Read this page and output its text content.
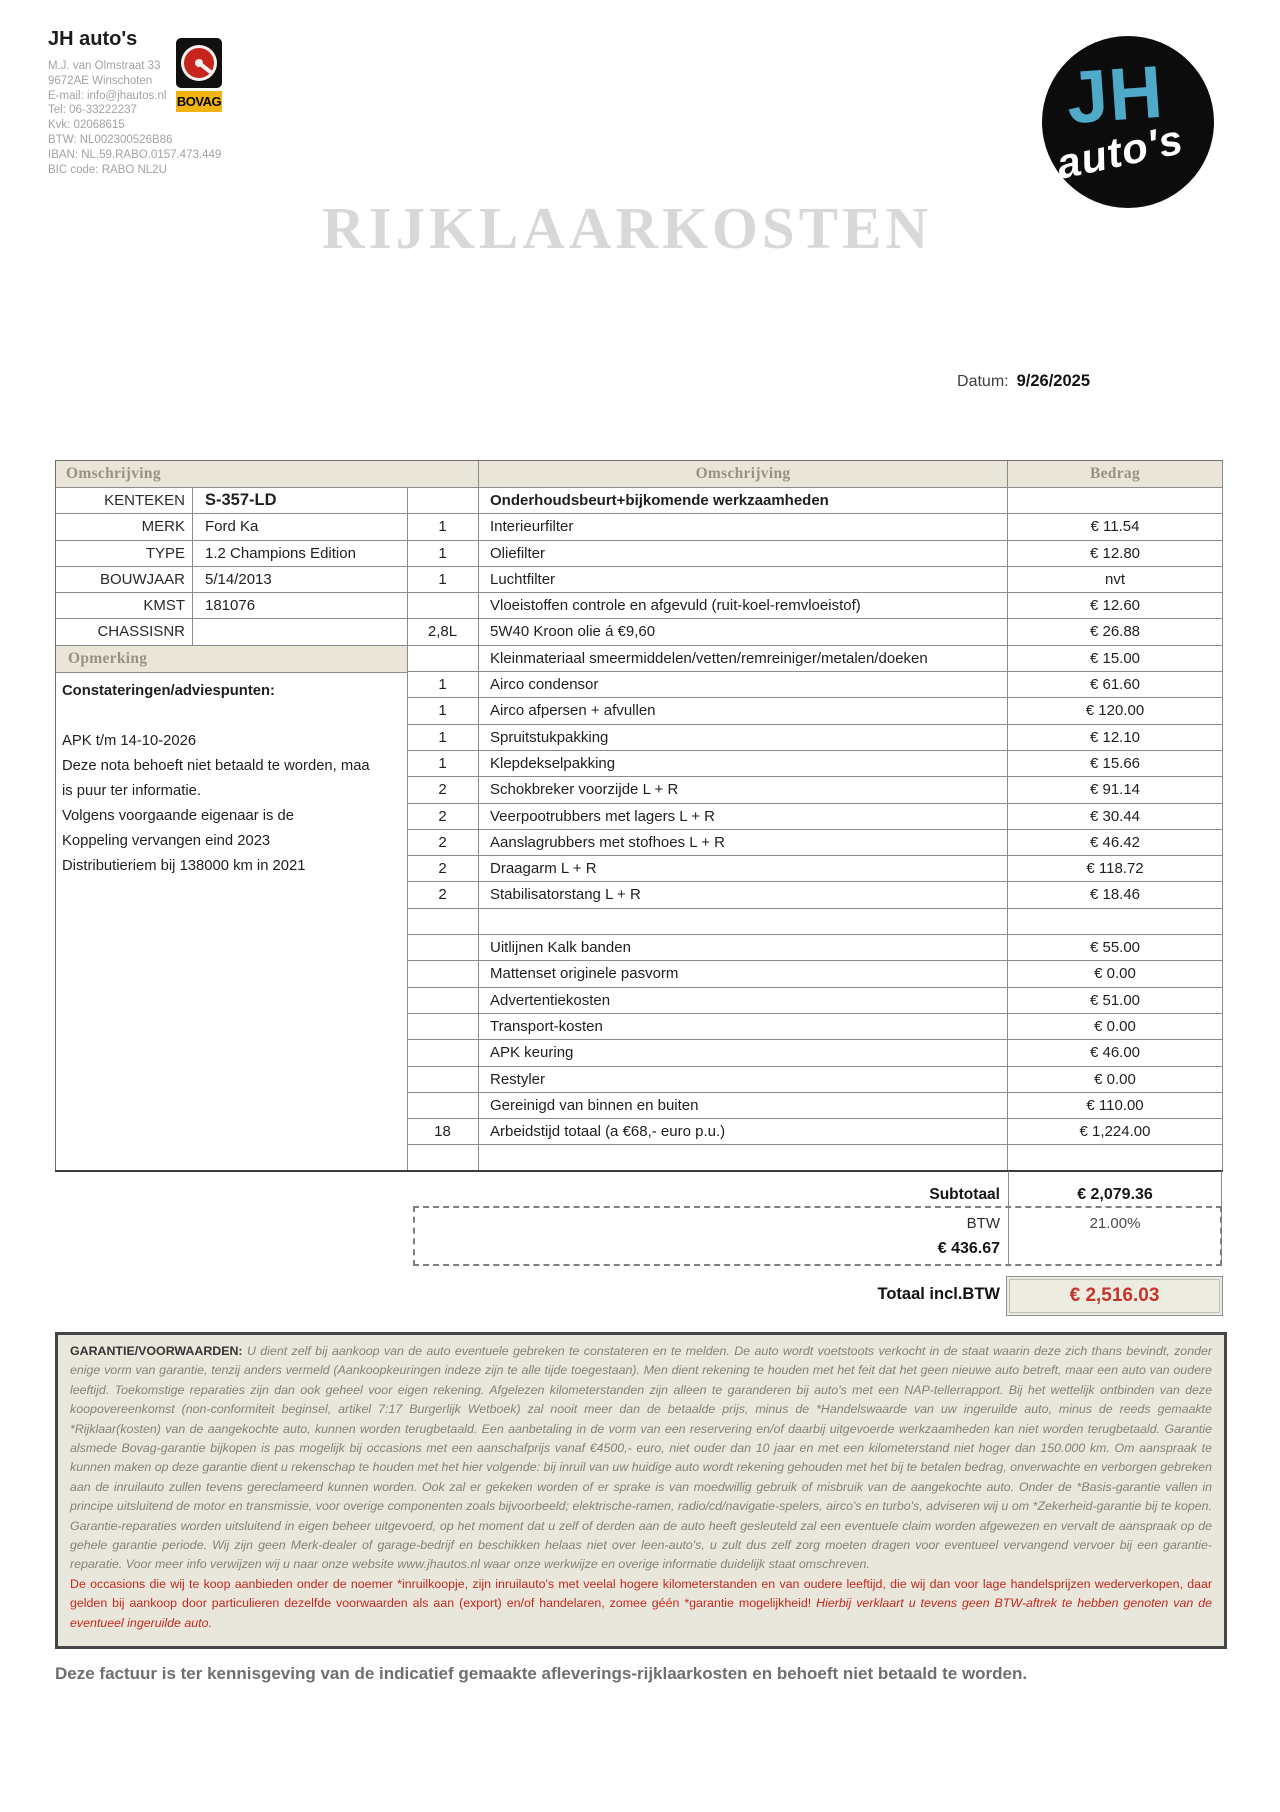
JH auto's
M.J. van Olmstraat 33
9672AE Winschoten
E-mail: info@jhautos.nl
Tel: 06-33222237
Kvk: 02068615
BTW: NL002300526B86
IBAN: NL.59.RABO.0157.473.449
BIC code: RABO NL2U
BOVAG	JH
auto's
RIJKLAARKOSTEN
Datum: 9/26/2025
Omschrijving
KENTEKEN	S-357-LD
MERK	Ford Ka
TYPE	1.2 Champions Edition
BOUWJAAR	5/14/2013
KMST	181076
CHASSISNR
Opmerking
Constateringen/adviespunten:
APK t/m 14-10-2026
Deze nota behoeft niet betaald te worden, maa
is puur ter informatie.
Volgens voorgaande eigenaar is de
Koppeling vervangen eind 2023
Distributieriem bij 138000 km in 2021
Omschrijving	Bedrag
Onderhoudsbeurt+bijkomende werkzaamheden
1	Interieurfilter	€ 11.54
1	Oliefilter	€ 12.80
1	Luchtfilter	nvt
Vloeistoffen controle en afgevuld (ruit-koel-remvloeistof)	€ 12.60
2,8L	5W40 Kroon olie á €9,60	€ 26.88
Kleinmateriaal smeermiddelen/vetten/remreiniger/metalen/doeken	€ 15.00
1	Airco condensor	€ 61.60
1	Airco afpersen + afvullen	€ 120.00
1	Spruitstukpakking	€ 12.10
1	Klepdekselpakking	€ 15.66
2	Schokbreker voorzijde L + R	€ 91.14
2	Veerpootrubbers met lagers L + R	€ 30.44
2	Aanslagrubbers met stofhoes L + R	€ 46.42
2	Draagarm L + R	€ 118.72
2	Stabilisatorstang L + R	€ 18.46
Uitlijnen Kalk banden	€ 55.00
Mattenset originele pasvorm	€ 0.00
Advertentiekosten	€ 51.00
Transport-kosten	€ 0.00
APK keuring	€ 46.00
Restyler	€ 0.00
Gereinigd van binnen en buiten	€ 110.00
18	Arbeidstijd totaal (a €68,- euro p.u.)	€ 1,224.00
Subtotaal	€ 2,079.36
BTW	21.00%
€ 436.67
Totaal incl.BTW	€ 2,516.03

GARANTIE/VOORWAARDEN: U dient zelf bij aankoop van de auto eventuele gebreken te constateren en te melden. De auto wordt voetstoots verkocht in de staat waarin deze zich thans bevindt, zonder enige vorm van garantie, tenzij anders vermeld (Aankoopkeuringen indeze zijn te alle tijde toegestaan). Men dient rekening te houden met het feit dat het geen nieuwe auto betreft, maar een auto van oudere leeftijd. Toekomstige reparaties zijn dan ook geheel voor eigen rekening. Afgelezen kilometerstanden zijn alleen te garanderen bij auto's met een NAP-tellerrapport. Bij het wettelijk ontbinden van deze koopovereenkomst (non-conformiteit beginsel, artikel 7:17 Burgerlijk Wetboek) zal nooit meer dan de betaalde prijs, minus de *Handelswaarde van uw ingeruilde auto, minus de reeds gemaakte *Rijklaar(kosten) van de aangekochte auto, kunnen worden terugbetaald. Een aanbetaling in de vorm van een reservering en/of daarbij uitgevoerde werkzaamheden kan niet worden terugbetaald. Garantie alsmede Bovag-garantie bijkopen is pas mogelijk bij occasions met een aanschafprijs vanaf €4500,- euro, niet ouder dan 10 jaar en met een kilometerstand niet hoger dan 150.000 km. Om aanspraak te kunnen maken op deze garantie dient u rekenschap te houden met het hier volgende: bij inruil van uw huidige auto wordt rekening gehouden met het bij te betalen bedrag, onverwachte en verborgen gebreken aan de inruilauto zullen tevens gereclameerd kunnen worden. Ook zal er gekeken worden of er sprake is van moedwillig gebruik of misbruik van de aangekochte auto. Onder de *Basis-garantie vallen in principe uitsluitend de motor en transmissie, voor overige componenten zoals bijvoorbeeld; elektrische-ramen, radio/cd/navigatie-spelers, airco's en turbo's, adviseren wij u om *Zekerheid-garantie bij te kopen. Garantie-reparaties worden uitsluitend in eigen beheer uitgevoerd, op het moment dat u zelf of derden aan de auto heeft gesleuteld zal een eventuele claim worden afgewezen en vervalt de aanspraak op de gehele garantie periode. Wij zijn geen Merk-dealer of garage-bedrijf en beschikken helaas niet over leen-auto's, u zult dus zelf zorg moeten dragen voor eventueel vervangend vervoer bij een garantie-reparatie. Voor meer info verwijzen wij u naar onze website www.jhautos.nl waar onze werkwijze en overige informatie duidelijk staat omschreven.

De occasions die wij te koop aanbieden onder de noemer *inruilkoopje, zijn inruilauto's met veelal hogere kilometerstanden en van oudere leeftijd, die wij dan voor lage handelsprijzen wederverkopen, daar gelden bij aankoop door particulieren dezelfde voorwaarden als aan (export) en/of handelaren, zomee géén *garantie mogelijkheid! Hierbij verklaart u tevens geen BTW-aftrek te hebben genoten van de eventueel ingeruilde auto.

Deze factuur is ter kennisgeving van de indicatief gemaakte afleverings-rijklaarkosten en behoeft niet betaald te worden.
